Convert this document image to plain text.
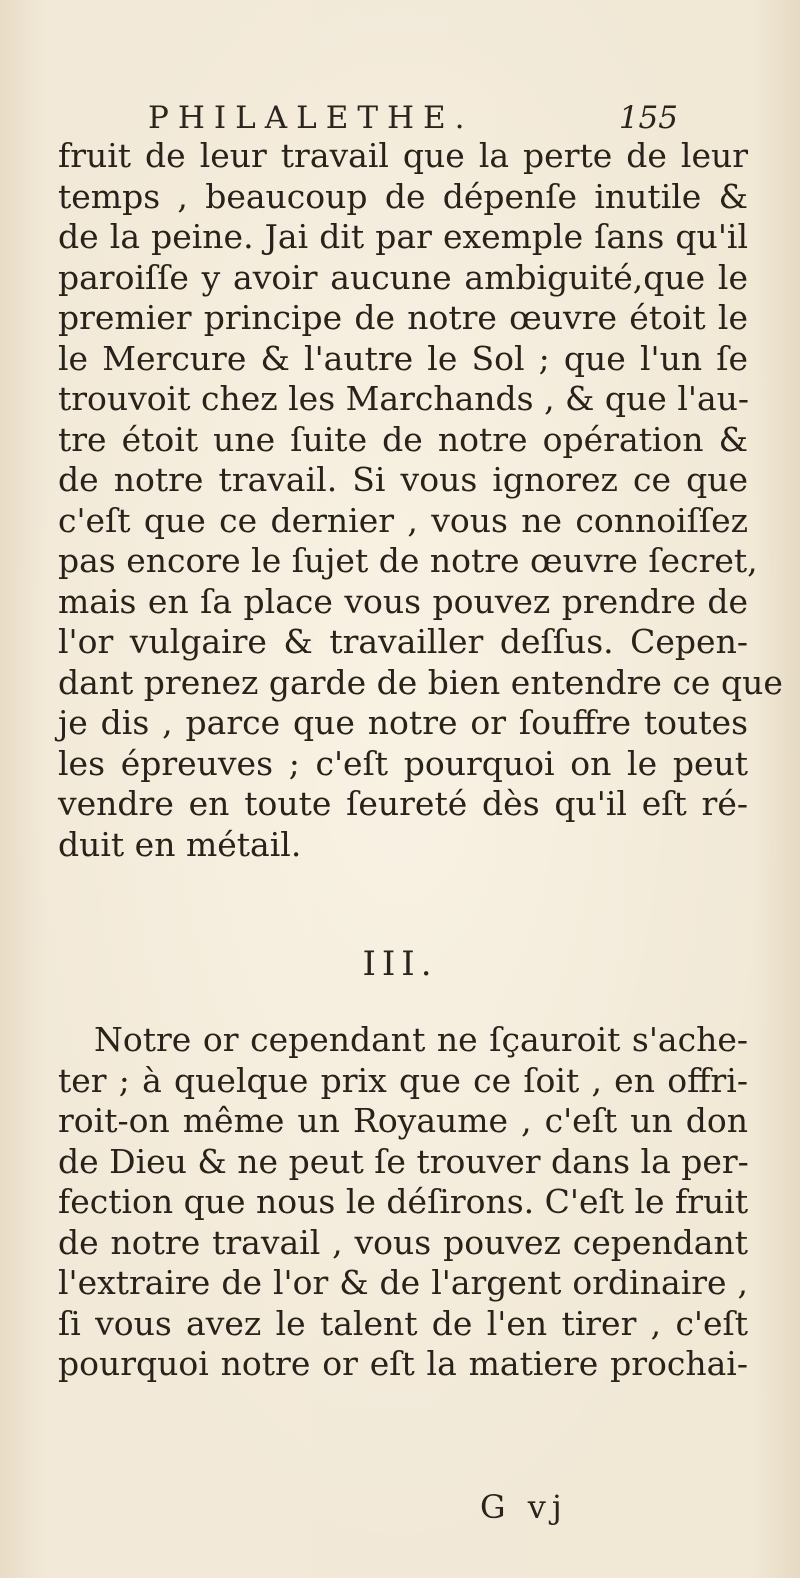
PHILALETHE.	155
fruit de leur travail que la perte de leur
temps , beaucoup de dépenſe inutile &
de la peine. Jai dit par exemple ſans qu'il
paroiſſe y avoir aucune ambiguité,que le
premier principe de notre œuvre étoit le
le Mercure & l'autre le Sol ; que l'un ſe
trouvoit chez les Marchands , & que l'au-
tre étoit une ſuite de notre opération &
de notre travail. Si vous ignorez ce que
c'eſt que ce dernier , vous ne connoiſſez
pas encore le ſujet de notre œuvre ſecret,
mais en ſa place vous pouvez prendre de
l'or vulgaire & travailler deſſus. Cepen-
dant prenez garde de bien entendre ce que
je dis , parce que notre or ſouffre toutes
les épreuves ; c'eſt pourquoi on le peut
vendre en toute ſeureté dès qu'il eſt ré-
duit en métail.
III.
Notre or cependant ne ſçauroit s'ache-
ter ; à quelque prix que ce ſoit , en offri-
roit-on même un Royaume , c'eſt un don
de Dieu & ne peut ſe trouver dans la per-
fection que nous le déſirons. C'eſt le fruit
de notre travail , vous pouvez cependant
l'extraire de l'or & de l'argent ordinaire ,
ſi vous avez le talent de l'en tirer , c'eſt
pourquoi notre or eſt la matiere prochai-
G vj
